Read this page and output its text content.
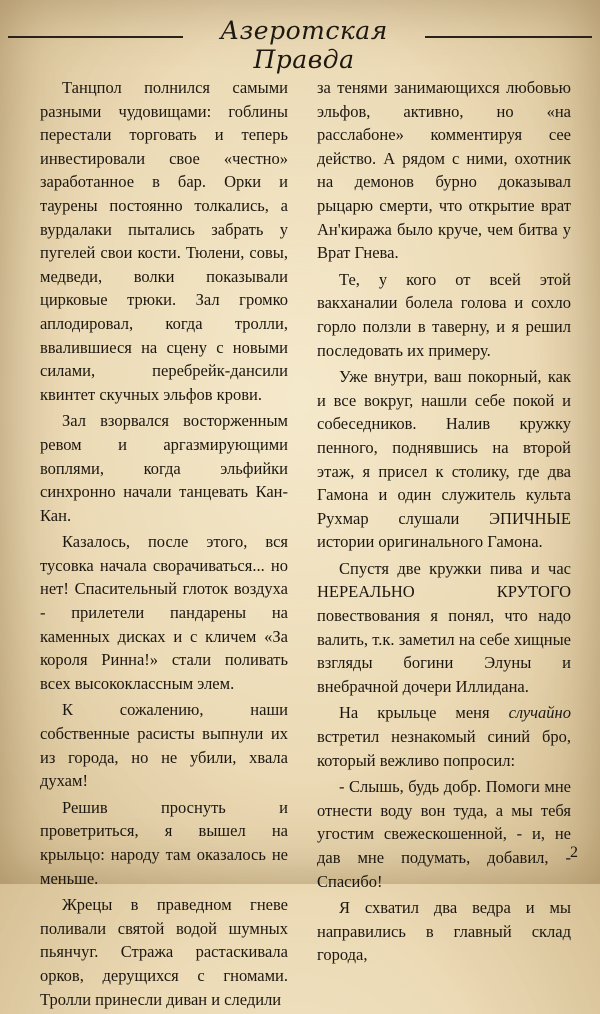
Азеротская Правда

Танцпол полнился самыми разными чудовищами: гоблины перестали торговать и теперь инвестировали свое «честно» заработанное в бар. Орки и таурены постоянно толкались, а вурдалаки пытались забрать у пугелей свои кости. Тюлени, совы, медведи, волки показывали цирковые трюки. Зал громко аплодировал, когда тролли, ввалившиеся на сцену с новыми силами, перебрейк-дансили квинтет скучных эльфов крови.

Зал взорвался восторженным ревом и аргазмирующими воплями, когда эльфийки синхронно начали танцевать Кан-Кан.

Казалось, после этого, вся тусовка начала сворачиваться... но нет! Спасительный глоток воздуха - прилетели пандарены на каменных дисках и с кличем «За короля Ринна!» стали поливать всех высококлассным элем.

К сожалению, наши собственные расисты выпнули их из города, но не убили, хвала духам!

Решив проснуть и проветриться, я вышел на крыльцо: народу там оказалось не меньше.

Жрецы в праведном гневе поливали святой водой шумных пьянчуг. Стража растаскивала орков, дерущихся с гномами. Тролли принесли диван и следили

за тенями занимающихся любовью эльфов, активно, но «на расслабоне» комментируя сее действо. А рядом с ними, охотник на демонов бурно доказывал рыцарю смерти, что открытие врат Ан'киража было круче, чем битва у Врат Гнева.

Те, у кого от всей этой вакханалии болела голова и сохло горло ползли в таверну, и я решил последовать их примеру.

Уже внутри, ваш покорный, как и все вокруг, нашли себе покой и собеседников. Налив кружку пенного, поднявшись на второй этаж, я присел к столику, где два Гамона и один служитель культа Рухмар слушали ЭПИЧНЫЕ истории оригинального Гамона.

Спустя две кружки пива и час НЕРЕАЛЬНО КРУТОГО повествования я понял, что надо валить, т.к. заметил на себе хищные взгляды богини Элуны и внебрачной дочери Иллидана.

На крыльце меня случайно встретил незнакомый синий бро, который вежливо попросил:

- Слышь, будь добр. Помоги мне отнести воду вон туда, а мы тебя угостим свежескошенной, - и, не дав мне подумать, добавил, - Спасибо!

Я схватил два ведра и мы направились в главный склад города,

2
